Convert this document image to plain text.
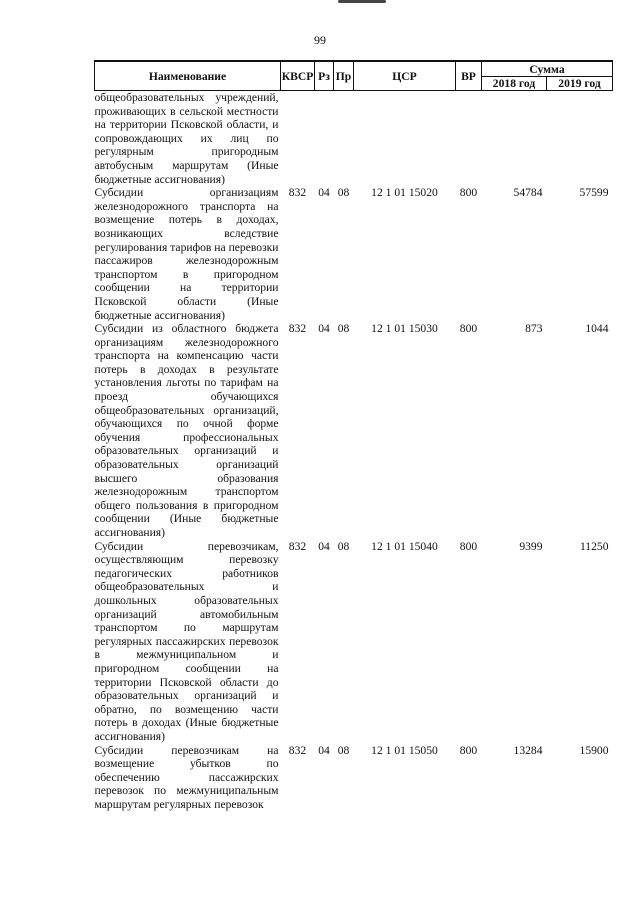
99
Наименование	КВСР	Рз	Пр	ЦСР	ВР	Сумма	
						2018 год	2019 год
общеобразовательных учреждений, проживающих в сельской местности на территории Псковской области, и сопровождающих их лиц по регулярным пригородным автобусным маршрутам (Иные бюджетные ассигнования)							
Субсидии организациям железнодорожного транспорта на возмещение потерь в доходах, возникающих вследствие регулирования тарифов на перевозки пассажиров железнодорожным транспортом в пригородном сообщении на территории Псковской области (Иные бюджетные ассигнования)	832	04	08	12 1 01 15020	800	54784	57599
Субсидии из областного бюджета организациям железнодорожного транспорта на компенсацию части потерь в доходах в результате установления льготы по тарифам на проезд обучающихся общеобразовательных организаций, обучающихся по очной форме обучения профессиональных образовательных организаций и образовательных организаций высшего образования железнодорожным транспортом общего пользования в пригородном сообщении (Иные бюджетные ассигнования)	832	04	08	12 1 01 15030	800	873	1044
Субсидии перевозчикам, осуществляющим перевозку педагогических работников общеобразовательных и дошкольных образовательных организаций автомобильным транспортом по маршрутам регулярных пассажирских перевозок в межмуниципальном и пригородном сообщении на территории Псковской области до образовательных организаций и обратно, по возмещению части потерь в доходах (Иные бюджетные ассигнования)	832	04	08	12 1 01 15040	800	9399	11250
Субсидии перевозчикам на возмещение убытков по обеспечению пассажирских перевозок по межмуниципальным маршрутам регулярных перевозок	832	04	08	12 1 01 15050	800	13284	15900
